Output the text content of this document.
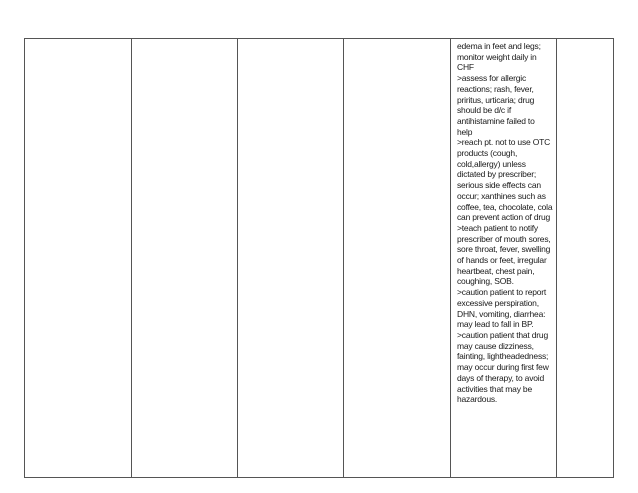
edema in feet and legs;
monitor weight daily in
CHF
>assess for allergic
reactions; rash, fever,
priritus, urticaria; drug
should be d/c if
antihistamine failed to
help
>reach pt. not to use OTC
products (cough,
cold,allergy) unless
dictated by prescriber;
serious side effects can
occur; xanthines such as
coffee, tea, chocolate, cola
can prevent action of drug
>teach patient to notify
prescriber of mouth sores,
sore throat, fever, swelling
of hands or feet, irregular
heartbeat, chest pain,
coughing, SOB.
>caution patient to report
excessive perspiration,
DHN, vomiting, diarrhea:
may lead to fall in BP.
>caution patient that drug
may cause dizziness,
fainting, lightheadedness;
may occur during first few
days of therapy, to avoid
activities that may be
hazardous.
